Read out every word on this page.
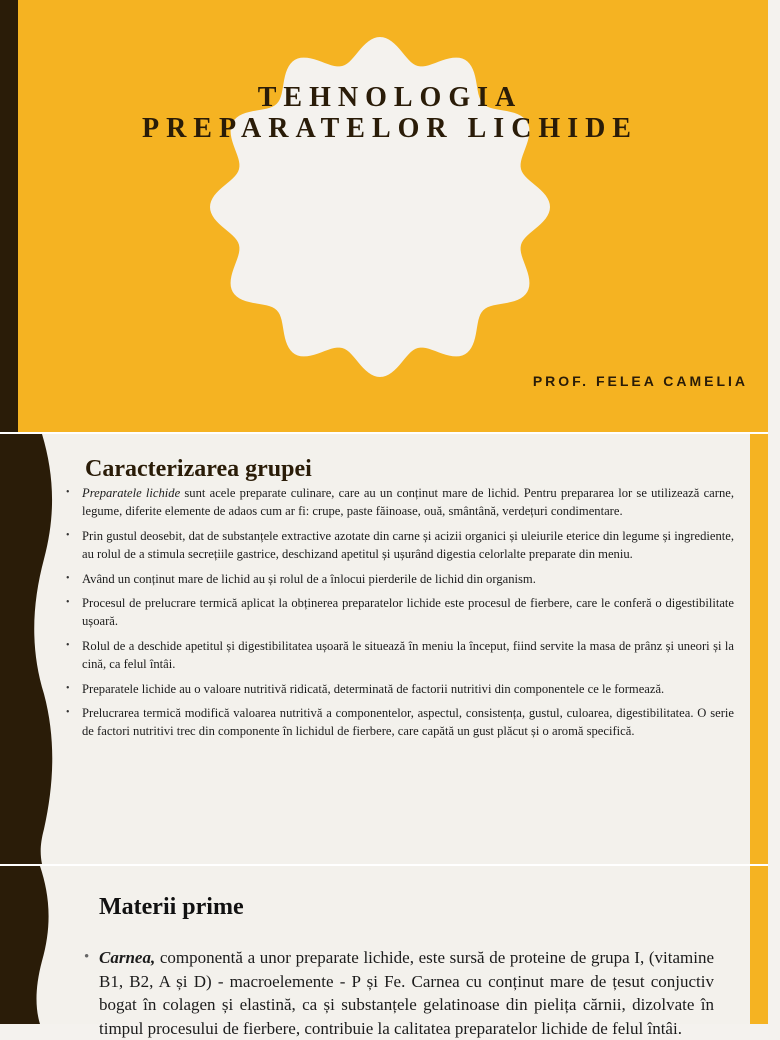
TEHNOLOGIA
PREPARATELOR LICHIDE
PROF. FELEA CAMELIA
Caracterizarea grupei
• Preparatele lichide sunt acele preparate culinare, care au un conținut mare de lichid. Pentru prepararea lor se utilizează carne, legume, diferite elemente de adaos cum ar fi: crupe, paste făinoase, ouă, smântână, verdețuri condimentare.
• Prin gustul deosebit, dat de substanțele extractive azotate din carne și acizii organici și uleiurile eterice din legume și ingrediente, au rolul de a stimula secrețiile gastrice, deschizand apetitul și ușurând digestia celorlalte preparate din meniu.
• Având un conținut mare de lichid au și rolul de a înlocui pierderile de lichid din organism.
• Procesul de prelucrare termică aplicat la obținerea preparatelor lichide este procesul de fierbere, care le conferă o digestibilitate ușoară.
• Rolul de a deschide apetitul și digestibilitatea ușoară le situează în meniu la început, fiind servite la masa de prânz și uneori și la cină, ca felul întâi.
• Preparatele lichide au o valoare nutritivă ridicată, determinată de factorii nutritivi din componentele ce le formează.
• Prelucrarea termică modifică valoarea nutritivă a componentelor, aspectul, consistența, gustul, culoarea, digestibilitatea. O serie de factori nutritivi trec din componente în lichidul de fierbere, care capătă un gust plăcut și o aromă specifică.
Materii prime

• Carnea, componentă a unor preparate lichide, este sursă de proteine de grupa I, (vitamine B1, B2, A și D) - macroelemente - P și Fe. Carnea cu conținut mare de țesut conjuctiv bogat în colagen și elastină, ca și substanțele gelatinoase din pielița cărnii, dizolvate în timpul procesului de fierbere, contribuie la calitatea preparatelor lichide de felul întâi.
